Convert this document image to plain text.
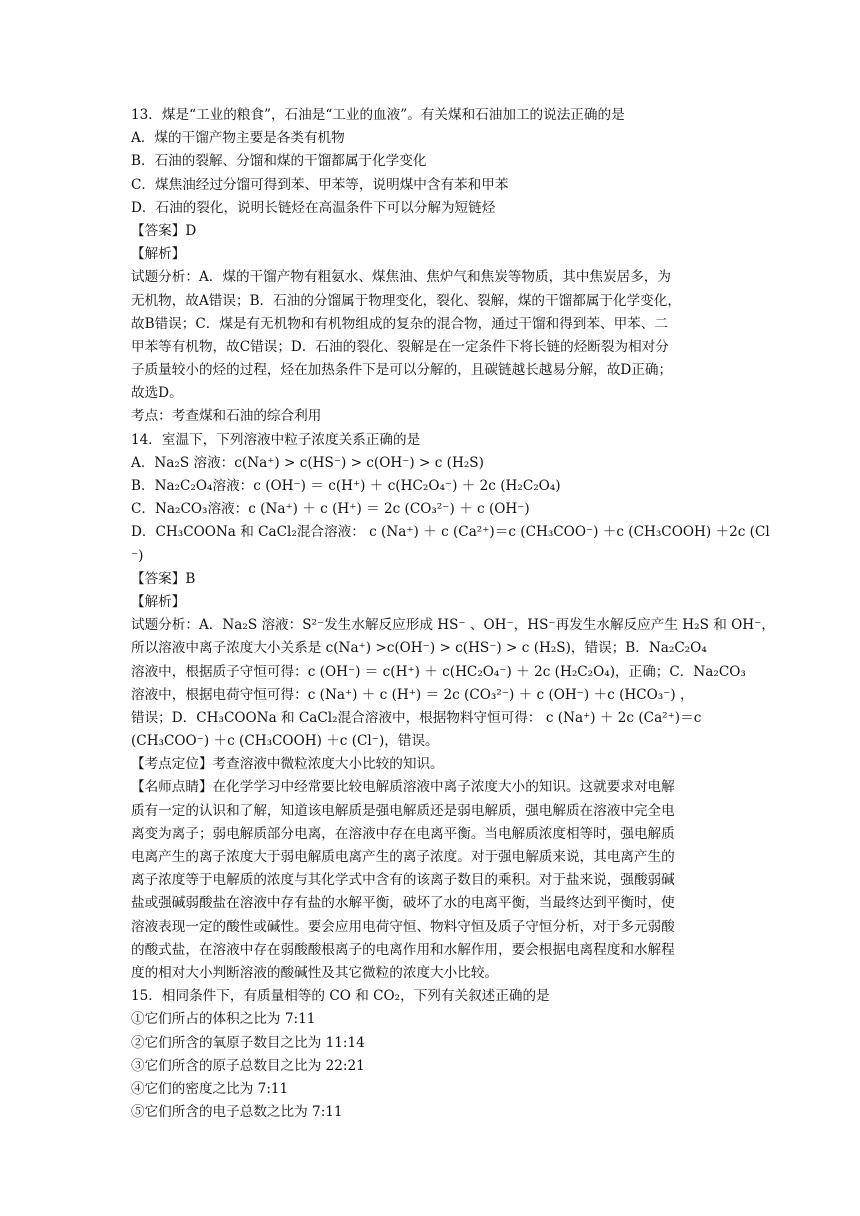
13．煤是“工业的粮食”，石油是“工业的血液”。有关煤和石油加工的说法正确的是
A．煤的干馏产物主要是各类有机物
B．石油的裂解、分馏和煤的干馏都属于化学变化
C．煤焦油经过分馏可得到苯、甲苯等，说明煤中含有苯和甲苯
D．石油的裂化，说明长链烃在高温条件下可以分解为短链烃
【答案】D
【解析】
试题分析：A．煤的干馏产物有粗氨水、煤焦油、焦炉气和焦炭等物质，其中焦炭居多，为
无机物，故A错误；B．石油的分馏属于物理变化，裂化、裂解，煤的干馏都属于化学变化，
故B错误；C．煤是有无机物和有机物组成的复杂的混合物，通过干馏和得到苯、甲苯、二
甲苯等有机物，故C错误；D．石油的裂化、裂解是在一定条件下将长链的烃断裂为相对分
子质量较小的烃的过程，烃在加热条件下是可以分解的，且碳链越长越易分解，故D正确；
故选D。
考点：考查煤和石油的综合利用
14．室温下，下列溶液中粒子浓度关系正确的是
A．Na₂S 溶液：c(Na⁺) > c(HS⁻) > c(OH⁻) > c (H₂S)
B．Na₂C₂O₄溶液：c (OH⁻) ＝ c(H⁺) ＋ c(HC₂O₄⁻) ＋ 2c (H₂C₂O₄)
C．Na₂CO₃溶液：c (Na⁺) ＋ c (H⁺) ＝ 2c (CO₃²⁻) ＋ c (OH⁻)
D．CH₃COONa 和 CaCl₂混合溶液： c (Na⁺) ＋ c (Ca²⁺)＝c (CH₃COO⁻) ＋c (CH₃COOH) ＋2c (Cl
⁻)
【答案】B
【解析】
试题分析：A．Na₂S 溶液：S²⁻发生水解反应形成 HS⁻ 、OH⁻，HS⁻再发生水解反应产生 H₂S 和 OH⁻，
所以溶液中离子浓度大小关系是 c(Na⁺) >c(OH⁻) > c(HS⁻) > c (H₂S)，错误；B．Na₂C₂O₄
溶液中，根据质子守恒可得：c (OH⁻) ＝ c(H⁺) ＋ c(HC₂O₄⁻) ＋ 2c (H₂C₂O₄)，正确；C．Na₂CO₃
溶液中，根据电荷守恒可得：c (Na⁺) ＋ c (H⁺) ＝ 2c (CO₃²⁻) ＋ c (OH⁻) ＋c (HCO₃⁻) ，
错误；D．CH₃COONa 和 CaCl₂混合溶液中，根据物料守恒可得： c (Na⁺) ＋ 2c (Ca²⁺)＝c
(CH₃COO⁻) ＋c (CH₃COOH) ＋c (Cl⁻)，错误。
【考点定位】考查溶液中微粒浓度大小比较的知识。
【名师点睛】在化学学习中经常要比较电解质溶液中离子浓度大小的知识。这就要求对电解
质有一定的认识和了解，知道该电解质是强电解质还是弱电解质，强电解质在溶液中完全电
离变为离子；弱电解质部分电离，在溶液中存在电离平衡。当电解质浓度相等时，强电解质
电离产生的离子浓度大于弱电解质电离产生的离子浓度。对于强电解质来说，其电离产生的
离子浓度等于电解质的浓度与其化学式中含有的该离子数目的乘积。对于盐来说，强酸弱碱
盐或强碱弱酸盐在溶液中存有盐的水解平衡，破坏了水的电离平衡，当最终达到平衡时，使
溶液表现一定的酸性或碱性。要会应用电荷守恒、物料守恒及质子守恒分析，对于多元弱酸
的酸式盐，在溶液中存在弱酸酸根离子的电离作用和水解作用，要会根据电离程度和水解程
度的相对大小判断溶液的酸碱性及其它微粒的浓度大小比较。
15．相同条件下，有质量相等的 CO 和 CO₂，下列有关叙述正确的是
①它们所占的体积之比为 7:11
②它们所含的氧原子数目之比为 11:14
③它们所含的原子总数目之比为 22:21
④它们的密度之比为 7:11
⑤它们所含的电子总数之比为 7:11
